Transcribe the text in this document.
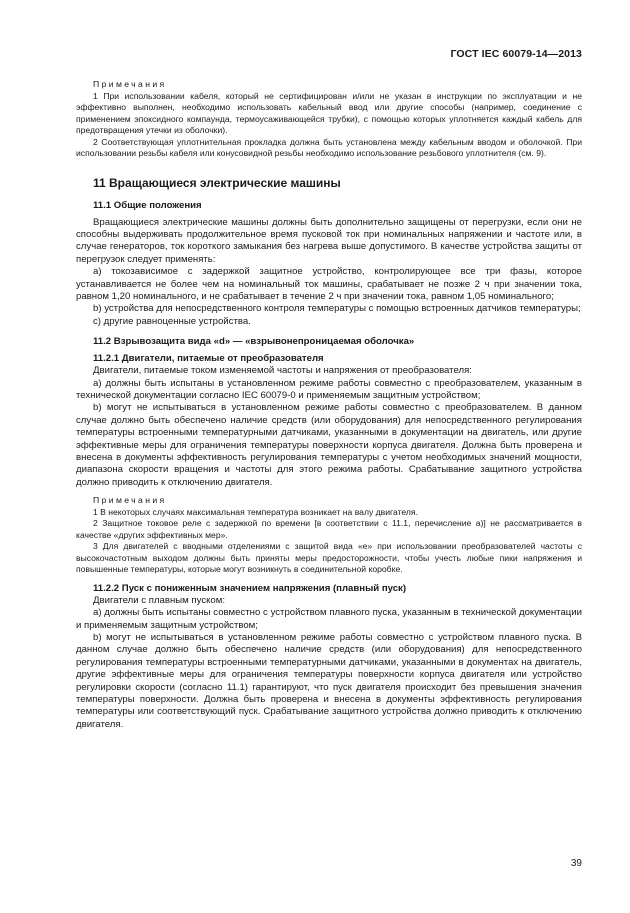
ГОСТ IEC 60079-14—2013

Примечания

1 При использовании кабеля, который не сертифицирован и/или не указан в инструкции по эксплуатации и не эффективно выполнен, необходимо использовать кабельный ввод или другие способы (например, соединение с применением эпоксидного компаунда, термоусаживающейся трубки), с помощью которых уплотняется каждый кабель для предотвращения утечки из оболочки).

2 Соответствующая уплотнительная прокладка должна быть установлена между кабельным вводом и оболочкой. При использовании резьбы кабеля или конусовидной резьбы необходимо использование резьбового уплотнителя (см. 9).

11 Вращающиеся электрические машины
11.1 Общие положения

Вращающиеся электрические машины должны быть дополнительно защищены от перегрузки, если они не способны выдерживать продолжительное время пусковой ток при номинальных напряжении и частоте или, в случае генераторов, ток короткого замыкания без нагрева выше допустимого. В качестве устройства защиты от перегрузок следует применять:

а) токозависимое с задержкой защитное устройство, контролирующее все три фазы, которое устанавливается не более чем на номинальный ток машины, срабатывает не позже 2 ч при значении тока, равном 1,20 номинального, и не срабатывает в течение 2 ч при значении тока, равном 1,05 номинального;

b) устройства для непосредственного контроля температуры с помощью встроенных датчиков температуры;

с) другие равноценные устройства.

11.2 Взрывозащита вида «d» — «взрывонепроницаемая оболочка»
11.2.1 Двигатели, питаемые от преобразователя

Двигатели, питаемые током изменяемой частоты и напряжения от преобразователя:

а) должны быть испытаны в установленном режиме работы совместно с преобразователем, указанным в технической документации согласно IEC 60079-0 и применяемым защитным устройством;

b) могут не испытываться в установленном режиме работы совместно с преобразователем. В данном случае должно быть обеспечено наличие средств (или оборудования) для непосредственного регулирования температуры встроенными температурными датчиками, указанными в документации на двигатель, или другие эффективные меры для ограничения температуры поверхности корпуса двигателя. Должна быть проверена и внесена в документы эффективность регулирования температуры с учетом необходимых значений мощности, диапазона скорости вращения и частоты для этого режима работы. Срабатывание защитного устройства должно приводить к отключению двигателя.

Примечания

1 В некоторых случаях максимальная температура возникает на валу двигателя.

2 Защитное токовое реле с задержкой по времени [в соответствии с 11.1, перечисление а)] не рассматривается в качестве «других эффективных мер».

3 Для двигателей с вводными отделениями с защитой вида «е» при использовании преобразователей частоты с высокочастотным выходом должны быть приняты меры предосторожности, чтобы учесть любые пики напряжения и повышенные температуры, которые могут возникнуть в соединительной коробке.

11.2.2 Пуск с пониженным значением напряжения (плавный пуск)

Двигатели с плавным пуском:

а) должны быть испытаны совместно с устройством плавного пуска, указанным в технической документации и применяемым защитным устройством;

b) могут не испытываться в установленном режиме работы совместно с устройством плавного пуска. В данном случае должно быть обеспечено наличие средств (или оборудования) для непосредственного регулирования температуры встроенными температурными датчиками, указанными в документах на двигатель, другие эффективные меры для ограничения температуры поверхности корпуса двигателя или устройство регулировки скорости (согласно 11.1) гарантируют, что пуск двигателя происходит без превышения значения температуры поверхности. Должна быть проверена и внесена в документы эффективность регулирования температуры или соответствующий пуск. Срабатывание защитного устройства должно приводить к отключению двигателя.

39
